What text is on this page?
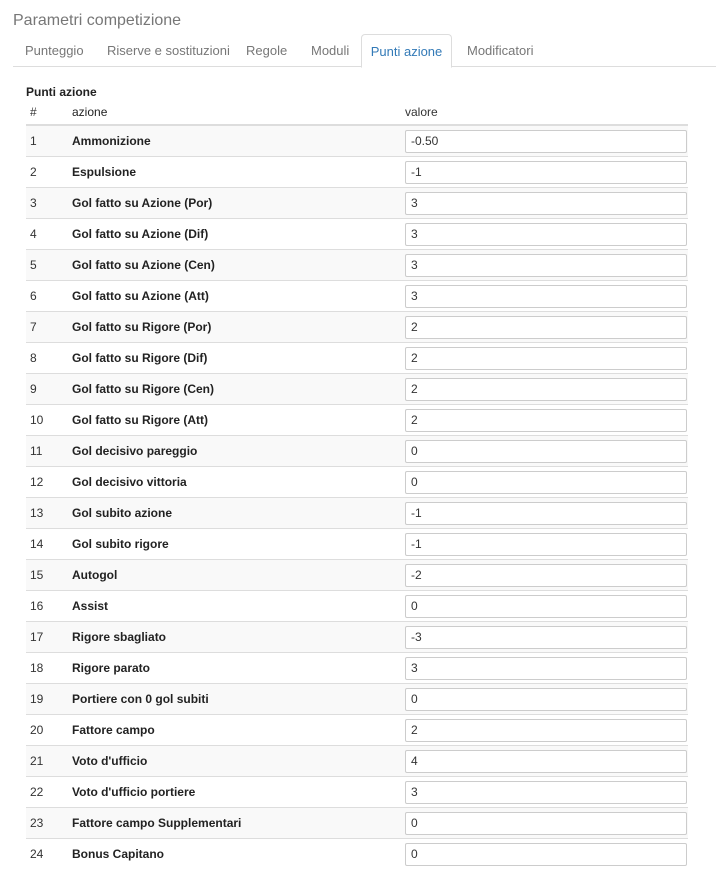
Parametri competizione
Punteggio Riserve e sostituzioni Regole Moduli	Punti azione	Modificatori
Punti azione
#	azione	valore
1	Ammonizione	-0.50
2	Espulsione	-1
3	Gol fatto su Azione (Por)	3
4	Gol fatto su Azione (Dif)	3
5	Gol fatto su Azione (Cen)	3
6	Gol fatto su Azione (Att)	3
7	Gol fatto su Rigore (Por)	2
8	Gol fatto su Rigore (Dif)	2
9	Gol fatto su Rigore (Cen)	2
10	Gol fatto su Rigore (Att)	2
11	Gol decisivo pareggio	0
12	Gol decisivo vittoria	0
13	Gol subito azione	-1
14	Gol subito rigore	-1
15	Autogol	-2
16	Assist	0
17	Rigore sbagliato	-3
18	Rigore parato	3
19	Portiere con 0 gol subiti	0
20	Fattore campo	2
21	Voto d'ufficio	4
22	Voto d'ufficio portiere	3
23	Fattore campo Supplementari	0
24	Bonus Capitano	0
